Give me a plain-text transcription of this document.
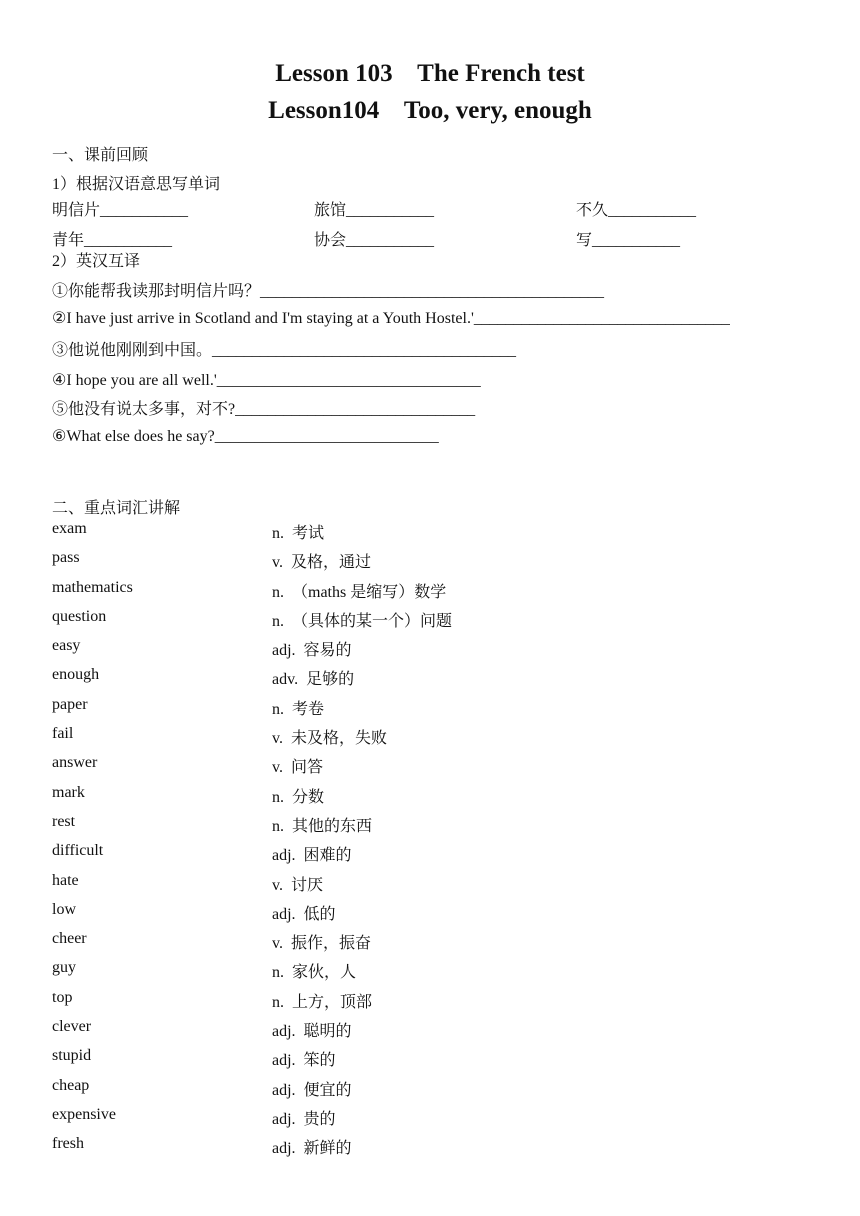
Lesson 103    The French test
Lesson104    Too, very, enough
一、课前回顾
1）根据汉语意思写单词
明信片___________	旅馆___________	不久___________
青年___________	协会___________	写___________
2）英汉互译
①你能帮我读那封明信片吗？___________________________________________
②I have just arrive in Scotland and I'm staying at a Youth Hostel.'________________________________
③他说他刚刚到中国。______________________________________
④I hope you are all well.'_________________________________
⑤他没有说太多事，对不?______________________________
⑥What else does he say?____________________________
二、重点词汇讲解
exam	n.  考试
pass	v.  及格，通过
mathematics	n.  （maths 是缩写）数学
question	n.  （具体的某一个）问题
easy	adj.  容易的
enough	adv.  足够的
paper	n.  考卷
fail	v.  未及格，失败
answer	v.  问答
mark	n.  分数
rest	n.  其他的东西
difficult	adj.  困难的
hate	v.  讨厌
low	adj.  低的
cheer	v.  振作，振奋
guy	n.  家伙，人
top	n.  上方，顶部
clever	adj.  聪明的
stupid	adj.  笨的
cheap	adj.  便宜的
expensive	adj.  贵的
fresh	adj.  新鲜的
